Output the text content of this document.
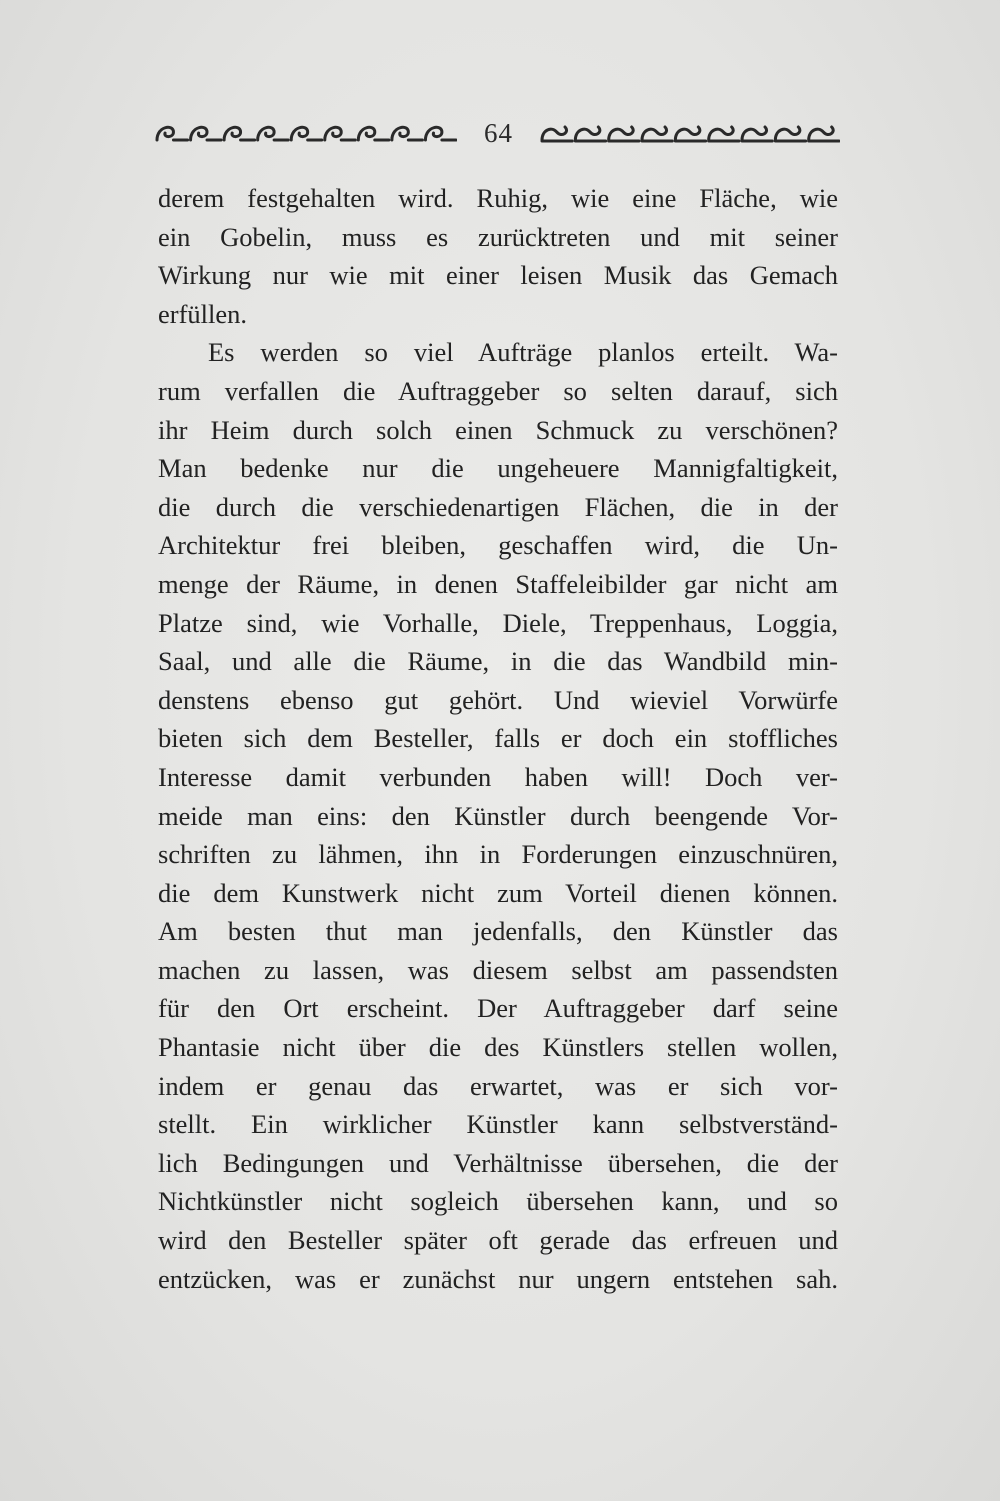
64
derem festgehalten wird. Ruhig, wie eine Fläche, wie
ein Gobelin, muss es zurücktreten und mit seiner
Wirkung nur wie mit einer leisen Musik das Gemach
erfüllen.
Es werden so viel Aufträge planlos erteilt. Wa-
rum verfallen die Auftraggeber so selten darauf, sich
ihr Heim durch solch einen Schmuck zu verschönen?
Man bedenke nur die ungeheuere Mannigfaltigkeit,
die durch die verschiedenartigen Flächen, die in der
Architektur frei bleiben, geschaffen wird, die Un-
menge der Räume, in denen Staffeleibilder gar nicht am
Platze sind, wie Vorhalle, Diele, Treppenhaus, Loggia,
Saal, und alle die Räume, in die das Wandbild min-
denstens ebenso gut gehört. Und wieviel Vorwürfe
bieten sich dem Besteller, falls er doch ein stoffliches
Interesse damit verbunden haben will! Doch ver-
meide man eins: den Künstler durch beengende Vor-
schriften zu lähmen, ihn in Forderungen einzuschnüren,
die dem Kunstwerk nicht zum Vorteil dienen können.
Am besten thut man jedenfalls, den Künstler das
machen zu lassen, was diesem selbst am passendsten
für den Ort erscheint. Der Auftraggeber darf seine
Phantasie nicht über die des Künstlers stellen wollen,
indem er genau das erwartet, was er sich vor-
stellt. Ein wirklicher Künstler kann selbstverständ-
lich Bedingungen und Verhältnisse übersehen, die der
Nichtkünstler nicht sogleich übersehen kann, und so
wird den Besteller später oft gerade das erfreuen und
entzücken, was er zunächst nur ungern entstehen sah.
